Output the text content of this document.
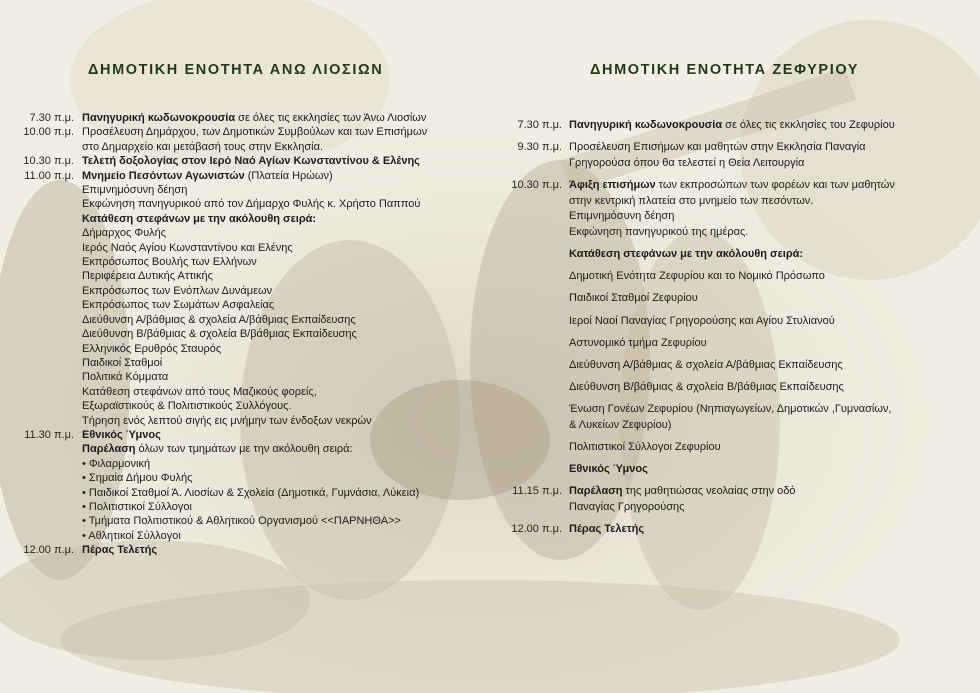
ΔΗΜΟΤΙΚΗ ΕΝΟΤΗΤΑ ΑΝΩ ΛΙΟΣΙΩΝ
7.30 π.μ. Πανηγυρική κωδωνοκρουσία σε όλες τις εκκλησίες των Άνω Λιοσίων
10.00 π.μ. Προσέλευση Δημάρχου, των Δημοτικών Συμβούλων και των Επισήμων
στο Δημαρχείο και μετάβασή τους στην Εκκλησία.
10.30 π.μ. Τελετή δοξολογίας στον Ιερό Ναό Αγίων Κωνσταντίνου & Ελένης
11.00 π.μ. Μνημείο Πεσόντων Αγωνιστών (Πλατεία Ηρώων)
Επιμνημόσυνη δέηση
Εκφώνηση πανηγυρικού από τον Δήμαρχο Φυλής κ. Χρήστο Παππού
Κατάθεση στεφάνων με την ακόλουθη σειρά:
Δήμαρχος Φυλής
Ιερός Ναός Αγίου Κωνσταντίνου και Ελένης
Εκπρόσωπος Βουλής των Ελλήνων
Περιφέρεια Δυτικής Αττικής
Εκπρόσωπος των Ενόπλων Δυνάμεων
Εκπρόσωπος των Σωμάτων Ασφαλείας
Διεύθυνση Α/βάθμιας & σχολεία Α/βάθμιας Εκπαίδευσης
Διεύθυνση Β/βάθμιας & σχολεία Β/βάθμιας Εκπαίδευσης
Ελληνικός Ερυθρός Σταυρός
Παιδικοί Σταθμοί
Πολιτικά Κόμματα
Κατάθεση στεφάνων από τους Μαζικούς φορείς,
Εξωραϊστικούς & Πολιτιστικούς Συλλόγους.
Τήρηση ενός λεπτού σιγής εις μνήμην των ένδοξων νεκρών
11.30 π.μ. Εθνικός Ύμνος
Παρέλαση όλων των τμημάτων με την ακόλουθη σειρά:
• Φιλαρμονική
• Σημαία Δήμου Φυλής
• Παιδικοί Σταθμοί Ά. Λιοσίων & Σχολεία (Δημοτικά, Γυμνάσια, Λύκεια)
• Πολιτιστικοί Σύλλογοι
• Τμήματα Πολιτιστικού & Αθλητικού Οργανισμού <<ΠΑΡΝΗΘΑ>>
• Αθλητικοί Σύλλογοι
12.00 π.μ. Πέρας Τελετής
ΔΗΜΟΤΙΚΗ ΕΝΟΤΗΤΑ ΖΕΦΥΡΙΟΥ
7.30 π.μ. Πανηγυρική κωδωνοκρουσία σε όλες τις εκκλησίες του Ζεφυρίου
9.30 π.μ. Προσέλευση Επισήμων και μαθητών στην Εκκλησία Παναγία
Γρηγορούσα όπου θα τελεστεί η Θεία Λειτουργία
10.30 π.μ. Άφιξη επισήμων των εκπροσώπων των φορέων και των μαθητών
στην κεντρική πλατεία στο μνημείο των πεσόντων.
Επιμνημόσυνη δέηση
Εκφώνηση πανηγυρικού της ημέρας.
Κατάθεση στεφάνων με την ακόλουθη σειρά:
Δημοτική Ενότητα Ζεφυρίου και το Νομικό Πρόσωπο
Παιδικοί Σταθμοί Ζεφυρίου
Ιεροί Ναοί Παναγίας Γρηγορούσης και Αγίου Στυλιανού
Αστυνομικό τμήμα Ζεφυρίου
Διεύθυνση Α/βάθμιας & σχολεία Α/βάθμιας Εκπαίδευσης
Διεύθυνση Β/βάθμιας & σχολεία Β/βάθμιας Εκπαίδευσης
Ένωση Γονέων Ζεφυρίου (Νηπιαγωγείων, Δημοτικών ,Γυμνασίων,
& Λυκείων Ζεφυρίου)
Πολιτιστικοί Σύλλογοι Ζεφυρίου
Εθνικός Ύμνος
11.15 π.μ. Παρέλαση της μαθητιώσας νεολαίας στην οδό
Παναγίας Γρηγορούσης
12.00 π.μ. Πέρας Τελετής
